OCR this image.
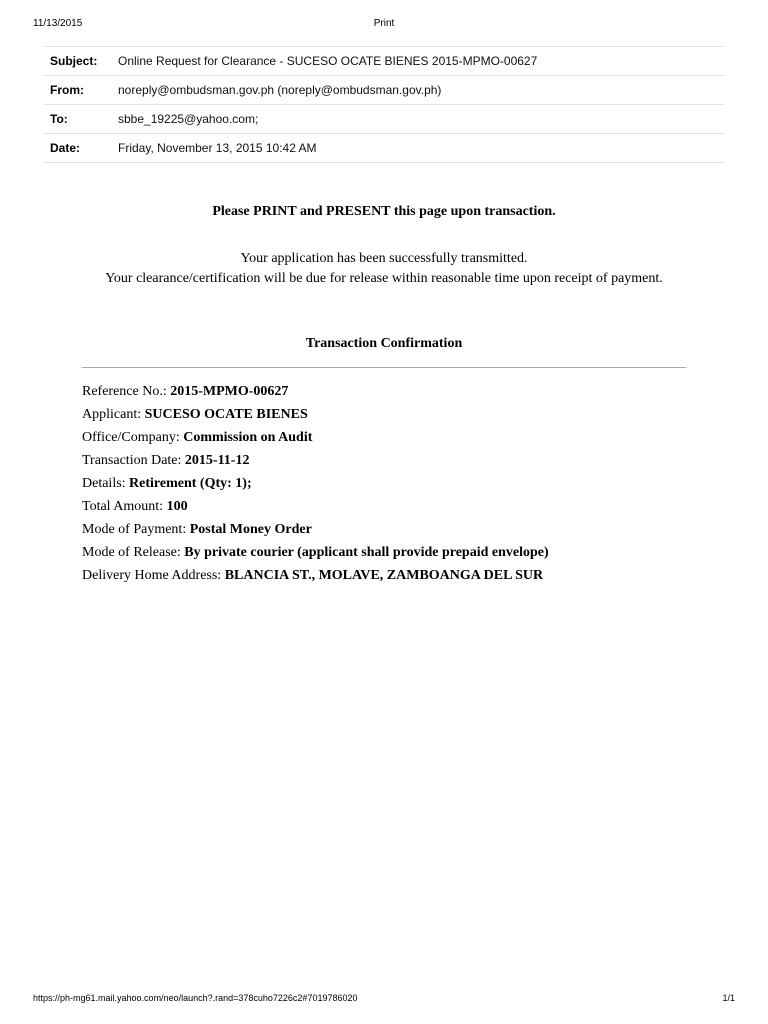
11/13/2015	Print
Subject:	Online Request for Clearance - SUCESO OCATE BIENES 2015-MPMO-00627
From:	noreply@ombudsman.gov.ph (noreply@ombudsman.gov.ph)
To:	sbbe_19225@yahoo.com;
Date:	Friday, November 13, 2015 10:42 AM
Please PRINT and PRESENT this page upon transaction.
Your application has been successfully transmitted.
Your clearance/certification will be due for release within reasonable time upon receipt of payment.
Transaction Confirmation
Reference No.: 2015-MPMO-00627
Applicant: SUCESO OCATE BIENES
Office/Company: Commission on Audit
Transaction Date: 2015-11-12
Details: Retirement (Qty: 1);
Total Amount: 100
Mode of Payment: Postal Money Order
Mode of Release: By private courier (applicant shall provide prepaid envelope)
Delivery Home Address: BLANCIA ST., MOLAVE, ZAMBOANGA DEL SUR
https://ph-mg61.mail.yahoo.com/neo/launch?.rand=378cuho7226c2#7019786020	1/1
